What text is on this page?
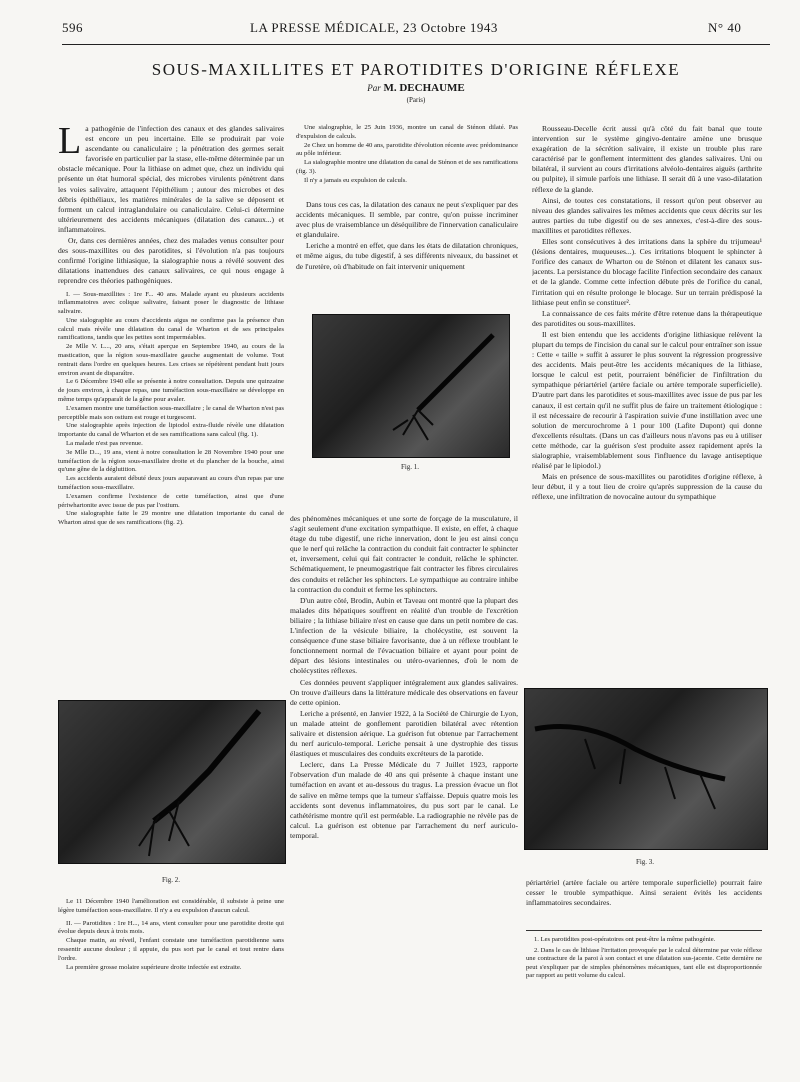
596	LA PRESSE MÉDICALE, 23 Octobre 1943	N° 40
SOUS-MAXILLITES ET PAROTIDITES D'ORIGINE RÉFLEXE
Par M. DECHAUME
(Paris)

La pathogénie de l'infection des canaux et des glandes salivaires est encore un peu incertaine. Elle se produirait par voie ascendante ou canaliculaire ; la pénétration des germes serait favorisée en particulier par la stase, elle-même déterminée par un obstacle mécanique. Pour la lithiase on admet que, chez un individu qui présente un état humoral spécial, des microbes virulents pénètrent dans les voies salivaire, attaquent l'épithélium ; autour des microbes et des débris épithéliaux, les matières minérales de la salive se déposent et forment un calcul intraglandulaire ou canaliculaire. Celui-ci détermine ultérieurement des accidents mécaniques (dilatation des canaux...) et inflammatoires.

Or, dans ces dernières années, chez des malades venus consulter pour des sous-maxillites ou des parotidites, si l'évolution n'a pas toujours confirmé l'origine lithiasique, la sialographie nous a révélé souvent des dilatations inattendues des canaux salivaires, ce qui nous engage à reprendre ces théories pathogéniques.

I. — Sous-maxillites : 1re F... 40 ans. Malade ayant eu plusieurs accidents inflammatoires avec colique salivaire, faisant poser le diagnostic de lithiase salivaire.

Une sialographie au cours d'accidents aigus ne confirme pas la présence d'un calcul mais révèle une dilatation du canal de Wharton et de ses principales ramifications, tandis que les petites sont imperméables.

2e Mlle V. L..., 20 ans, s'était aperçue en Septembre 1940, au cours de la mastication, que la région sous-maxillaire gauche augmentait de volume. Tout rentrait dans l'ordre en quelques heures. Les crises se répétèrent pendant huit jours environ avant de disparaître.

Le 6 Décembre 1940 elle se présente à notre consultation. Depuis une quinzaine de jours environ, à chaque repas, une tuméfaction sous-maxillaire se développe en même temps qu'apparaît de la gêne pour avaler.

L'examen montre une tuméfaction sous-maxillaire ; le canal de Wharton n'est pas perceptible mais son ostium est rouge et turgescent.

Une sialographie après injection de lipiodol extra-fluide révèle une dilatation importante du canal de Wharton et de ses ramifications sans calcul (fig. 1).

La malade n'est pas revenue.

3e Mlle D..., 19 ans, vient à notre consultation le 28 Novembre 1940 pour une tuméfaction de la région sous-maxillaire droite et du plancher de la bouche, ainsi qu'une gêne de la déglutition.

Les accidents auraient débuté deux jours auparavant au cours d'un repas par une tuméfaction sous-maxillaire.

L'examen confirme l'existence de cette tuméfaction, ainsi que d'une périwhartonite avec issue de pus par l'ostium.

Une sialographie faite le 29 montre une dilatation importante du canal de Wharton ainsi que de ses ramifications (fig. 2).

Fig. 2.

Le 11 Décembre 1940 l'amélioration est considérable, il subsiste à peine une légère tuméfaction sous-maxillaire. Il n'y a eu expulsion d'aucun calcul.

II. — Parotidites : 1re H..., 14 ans, vient consulter pour une parotidite droite qui évolue depuis deux à trois mois.

Chaque matin, au réveil, l'enfant constate une tuméfaction parotidienne sans ressentir aucune douleur ; il appuie, du pus sort par le canal et tout rentre dans l'ordre.

La première grosse molaire supérieure droite infectée est extraite.

Une sialographie, le 25 Juin 1936, montre un canal de Sténon dilaté. Pas d'expulsion de calculs.

2e Chez un homme de 40 ans, parotidite d'évolution récente avec prédominance au pôle inférieur.

La sialographie montre une dilatation du canal de Sténon et de ses ramifications (fig. 3).

Il n'y a jamais eu expulsion de calculs.

Dans tous ces cas, la dilatation des canaux ne peut s'expliquer par des accidents mécaniques. Il semble, par contre, qu'on puisse incriminer avec plus de vraisemblance un déséquilibre de l'innervation canaliculaire et glandulaire.

Leriche a montré en effet, que dans les états de dilatation chroniques, et même aigus, du tube digestif, à ses différents niveaux, du bassinet et de l'uretère, où d'habitude on fait intervenir uniquement

Fig. 1.

des phénomènes mécaniques et une sorte de forçage de la musculature, il s'agit seulement d'une excitation sympathique. Il existe, en effet, à chaque étage du tube digestif, une riche innervation, dont le jeu est ainsi conçu que le nerf qui relâche la contraction du conduit fait contracter le sphincter et, inversement, celui qui fait contracter le conduit, relâche le sphincter. Schématiquement, le pneumogastrique fait contracter les fibres circulaires des conduits et relâcher les sphincters. Le sympathique au contraire inhibe la contraction du conduit et ferme les sphincters.

D'un autre côté, Brodin, Aubin et Taveau ont montré que la plupart des malades dits hépatiques souffrent en réalité d'un trouble de l'excrétion biliaire ; la lithiase biliaire n'est en cause que dans un petit nombre de cas. L'infection de la vésicule biliaire, la cholécystite, est souvent la conséquence d'une stase biliaire favorisante, due à un réflexe troublant le fonctionnement normal de l'évacuation biliaire et ayant pour point de départ des lésions intestinales ou utéro-ovariennes, d'où le nom de cholécystites réflexes.

Ces données peuvent s'appliquer intégralement aux glandes salivaires. On trouve d'ailleurs dans la littérature médicale des observations en faveur de cette opinion.

Leriche a présenté, en Janvier 1922, à la Société de Chirurgie de Lyon, un malade atteint de gonflement parotidien bilatéral avec rétention salivaire et distension aérique. La guérison fut obtenue par l'arrachement du nerf auriculo-temporal. Leriche pensait à une dystrophie des tissus élastiques et musculaires des conduits excréteurs de la parotide.

Leclerc, dans La Presse Médicale du 7 Juillet 1923, rapporte l'observation d'un malade de 40 ans qui présente à chaque instant une tuméfaction en avant et au-dessous du tragus. La pression évacue un flot de salive en même temps que la tumeur s'affaisse. Depuis quatre mois les accidents sont devenus inflammatoires, du pus sort par le canal. Le cathétérisme montre qu'il est perméable. La radiographie ne révèle pas de calcul. La guérison est obtenue par l'arrachement du nerf auriculo-temporal.

Rousseau-Decelle écrit aussi qu'à côté du fait banal que toute intervention sur le système gingivo-dentaire amène une brusque exagération de la sécrétion salivaire, il existe un trouble plus rare caractérisé par le gonflement intermittent des glandes salivaires. Uni ou bilatéral, il survient au cours d'irritations alvéolo-dentaires aiguës (arthrite ou pulpite), il simule parfois une lithiase. Il serait dû à une vaso-dilatation réflexe de la glande.

Ainsi, de toutes ces constatations, il ressort qu'on peut observer au niveau des glandes salivaires les mêmes accidents que ceux décrits sur les autres parties du tube digestif ou de ses annexes, c'est-à-dire des sous-maxillites et parotidites réflexes.

Elles sont consécutives à des irritations dans la sphère du trijumeau¹ (lésions dentaires, muqueuses...). Ces irritations bloquent le sphincter à l'orifice des canaux de Wharton ou de Sténon et dilatent les canaux sus-jacents. La persistance du blocage facilite l'infection secondaire des canaux et de la glande. Comme cette infection débute près de l'orifice du canal, l'irritation qui en résulte prolonge le blocage. Sur un terrain prédisposé la lithiase peut enfin se constituer².

La connaissance de ces faits mérite d'être retenue dans la thérapeutique des parotidites ou sous-maxillites.

Il est bien entendu que les accidents d'origine lithiasique relèvent la plupart du temps de l'incision du canal sur le calcul pour entraîner son issue : Cette « taille » suffit à assurer le plus souvent la régression progressive des accidents. Mais peut-être les accidents mécaniques de la lithiase, lorsque le calcul est petit, pourraient bénéficier de l'infiltration du sympathique périartériel (artère faciale ou artère temporale superficielle). D'autre part dans les parotidites et sous-maxillites avec issue de pus par les canaux, il est certain qu'il ne suffit plus de faire un traitement étiologique : il est nécessaire de recourir à l'aspiration suivie d'une instillation avec une solution de mercurochrome à 1 pour 100 (Lafite Dupont) qui donne d'excellents résultats. (Dans un cas d'ailleurs nous n'avons pas eu à utiliser cette méthode, car la guérison s'est produite assez rapidement après la sialographie, vraisemblablement sous l'influence du lavage antiseptique réalisé par le lipiodol.)

Mais en présence de sous-maxillites ou parotidites d'origine réflexe, à leur début, il y a tout lieu de croire qu'après suppression de la cause du réflexe, une infiltration de novocaïne autour du sympathique

Fig. 3.

périartériel (artère faciale ou artère temporale superficielle) pourrait faire cesser le trouble sympathique. Ainsi seraient évités les accidents inflammatoires secondaires.

1. Les parotidites post-opératoires ont peut-être la même pathogénie.

2. Dans le cas de lithiase l'irritation provoquée par le calcul détermine par voie réflexe une contracture de la paroi à son contact et une dilatation sus-jacente. Cette dernière ne peut s'expliquer par de simples phénomènes mécaniques, tant elle est disproportionnée par rapport au petit volume du calcul.
